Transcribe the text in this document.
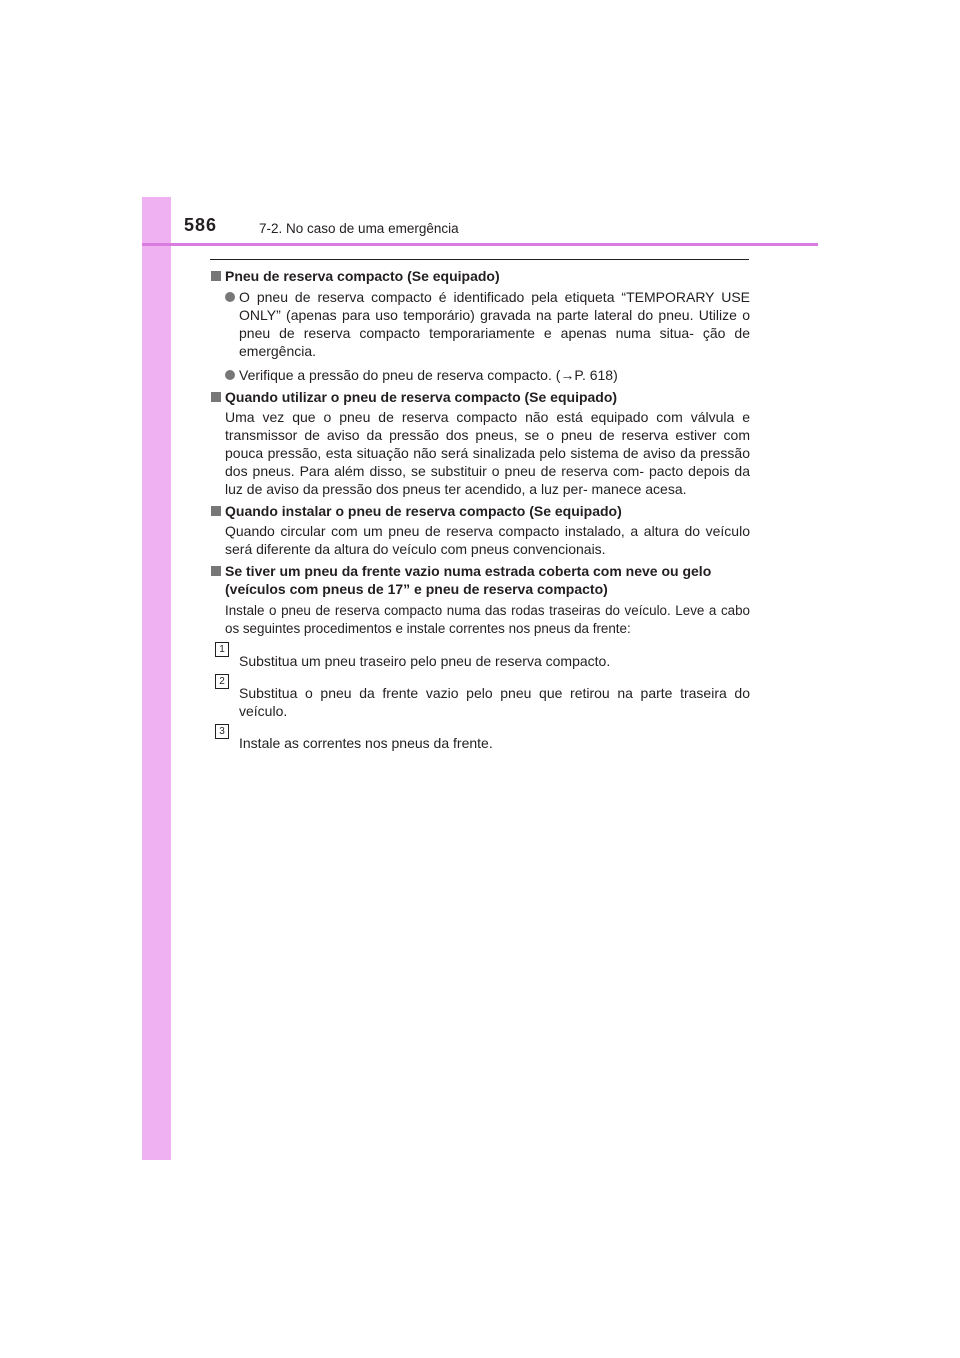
586	7-2. No caso de uma emergência
Pneu de reserva compacto (Se equipado)
O pneu de reserva compacto é identificado pela etiqueta “TEMPORARY USE ONLY” (apenas para uso temporário) gravada na parte lateral do pneu. Utilize o pneu de reserva compacto temporariamente e apenas numa situa- ção de emergência.
Verifique a pressão do pneu de reserva compacto. (→P. 618)
Quando utilizar o pneu de reserva compacto (Se equipado)
Uma vez que o pneu de reserva compacto não está equipado com válvula e transmissor de aviso da pressão dos pneus, se o pneu de reserva estiver com pouca pressão, esta situação não será sinalizada pelo sistema de aviso da pressão dos pneus. Para além disso, se substituir o pneu de reserva com- pacto depois da luz de aviso da pressão dos pneus ter acendido, a luz per- manece acesa.
Quando instalar o pneu de reserva compacto (Se equipado)
Quando circular com um pneu de reserva compacto instalado, a altura do veículo será diferente da altura do veículo com pneus convencionais.
Se tiver um pneu da frente vazio numa estrada coberta com neve ou gelo (veículos com pneus de 17” e pneu de reserva compacto)
Instale o pneu de reserva compacto numa das rodas traseiras do veículo. Leve a cabo os seguintes procedimentos e instale correntes nos pneus da frente:
1
Substitua um pneu traseiro pelo pneu de reserva compacto.
2
Substitua o pneu da frente vazio pelo pneu que retirou na parte traseira do veículo.
3
Instale as correntes nos pneus da frente.
